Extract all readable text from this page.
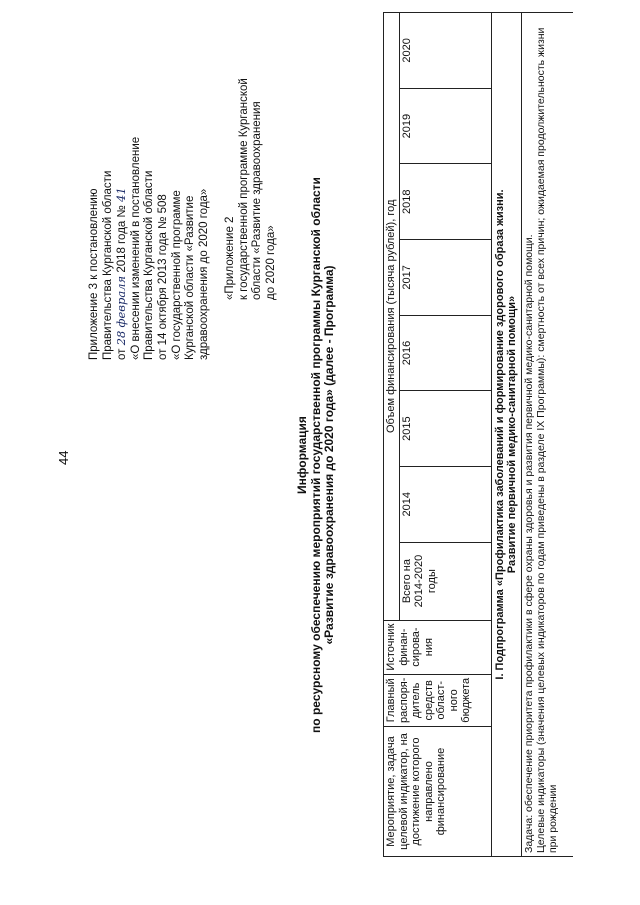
44

Приложение 3 к постановлению Правительства Курганской области от 28 февраля 2018 года № 41 «О внесении изменений в постановление Правительства Курганской области от 14 октября 2013 года № 508 «О государственной программе Курганской области «Развитие здравоохранения до 2020 года» «Приложение 2 к государственной программе Курганской области «Развитие здравоохранения до 2020 года»

Информация по ресурсному обеспечению мероприятий государственной программы Курганской области «Развитие здравоохранения до 2020 года» (далее - Программа)

Мероприятие, задача целевой индикатор, на достижение которого направлено финансирование	Главный распоря-дитель средств област-ного бюджета	Источник финан-сирова-ния	Объем финансирования (тысяча рублей), год							
			Всего на 2014-2020 годы	2014	2015	2016	2017	2018	2019	2020

I. Подпрограмма «Профилактика заболеваний и формирование здорового образа жизни. Развитие первичной медико-санитарной помощи»										

Задача: обеспечение приоритета профилактики в сфере охраны здоровья и развития первичной медико-санитарной помощи. Целевые индикаторы (значения целевых индикаторов по годам приведены в разделе IX Программы): смертность от всех причин; ожидаемая продолжительность жизни при рождении										
